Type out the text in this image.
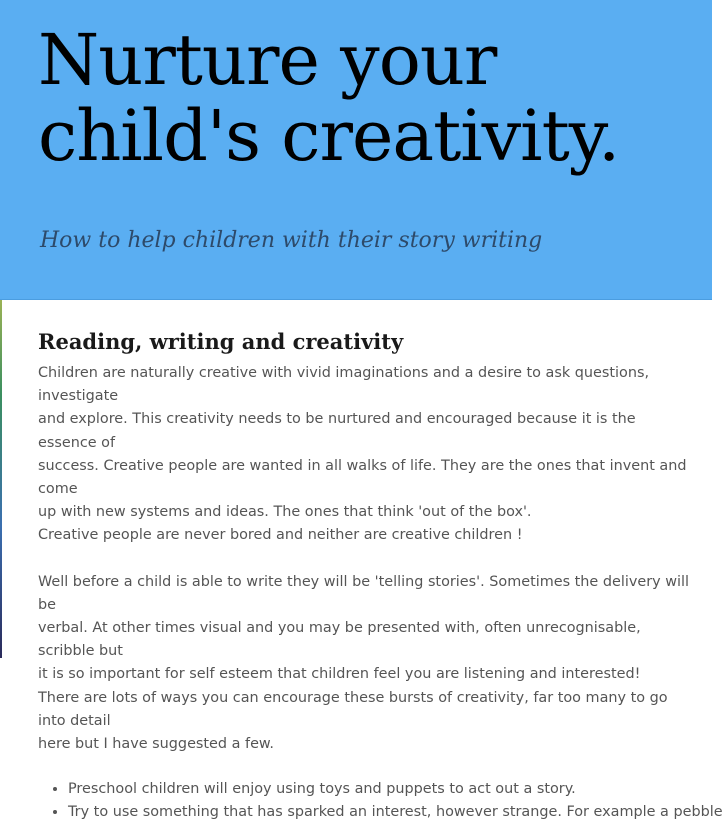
Nurture your
child's creativity.

How to help children with their story writing

Reading, writing and creativity

Children are naturally creative with vivid imaginations and a desire to ask questions, investigate
and explore. This creativity needs to be nurtured and encouraged because it is the essence of
success. Creative people are wanted in all walks of life. They are the ones that invent and come
up with new systems and ideas. The ones that think 'out of the box'.
Creative people are never bored and neither are creative children !

Well before a child is able to write they will be 'telling stories'. Sometimes the delivery will be
verbal. At other times visual and you may be presented with, often unrecognisable, scribble but
it is so important for self esteem that children feel you are listening and interested!
There are lots of ways you can encourage these bursts of creativity, far too many to go into detail
here but I have suggested a few.

• Preschool children will enjoy using toys and puppets to act out a story.
• Try to use something that has sparked an interest, however strange. For example a pebble
